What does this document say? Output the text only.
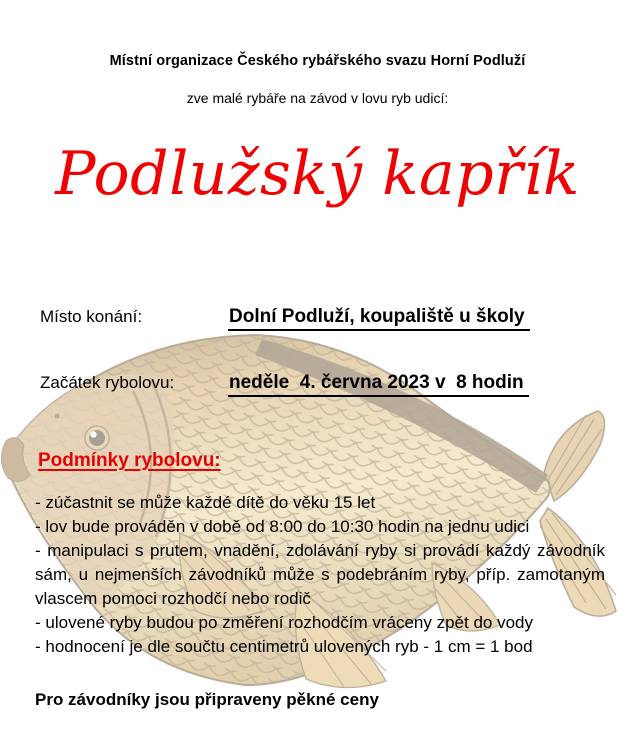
Místní organizace Českého rybářského svazu Horní Podluží
zve malé rybáře na závod v lovu ryb udicí:
Podlužský kapřík
Místo konání:	Dolní Podluží, koupaliště u školy
Začátek rybolovu:	neděle  4. června 2023 v  8 hodin
Podmínky rybolovu:
- zúčastnit se může každé dítě do věku 15 let
- lov bude prováděn v době od 8:00 do 10:30 hodin na jednu udici
- manipulaci s prutem, vnadění, zdolávání ryby si provádí každý závodník sám, u nejmenších závodníků může s podebráním ryby, příp. zamotaným vlascem pomoci rozhodčí nebo rodič
- ulovené ryby budou po změření rozhodčím vráceny zpět do vody
- hodnocení je dle součtu centimetrů ulovených ryb - 1 cm = 1 bod
Pro závodníky jsou připraveny pěkné ceny
